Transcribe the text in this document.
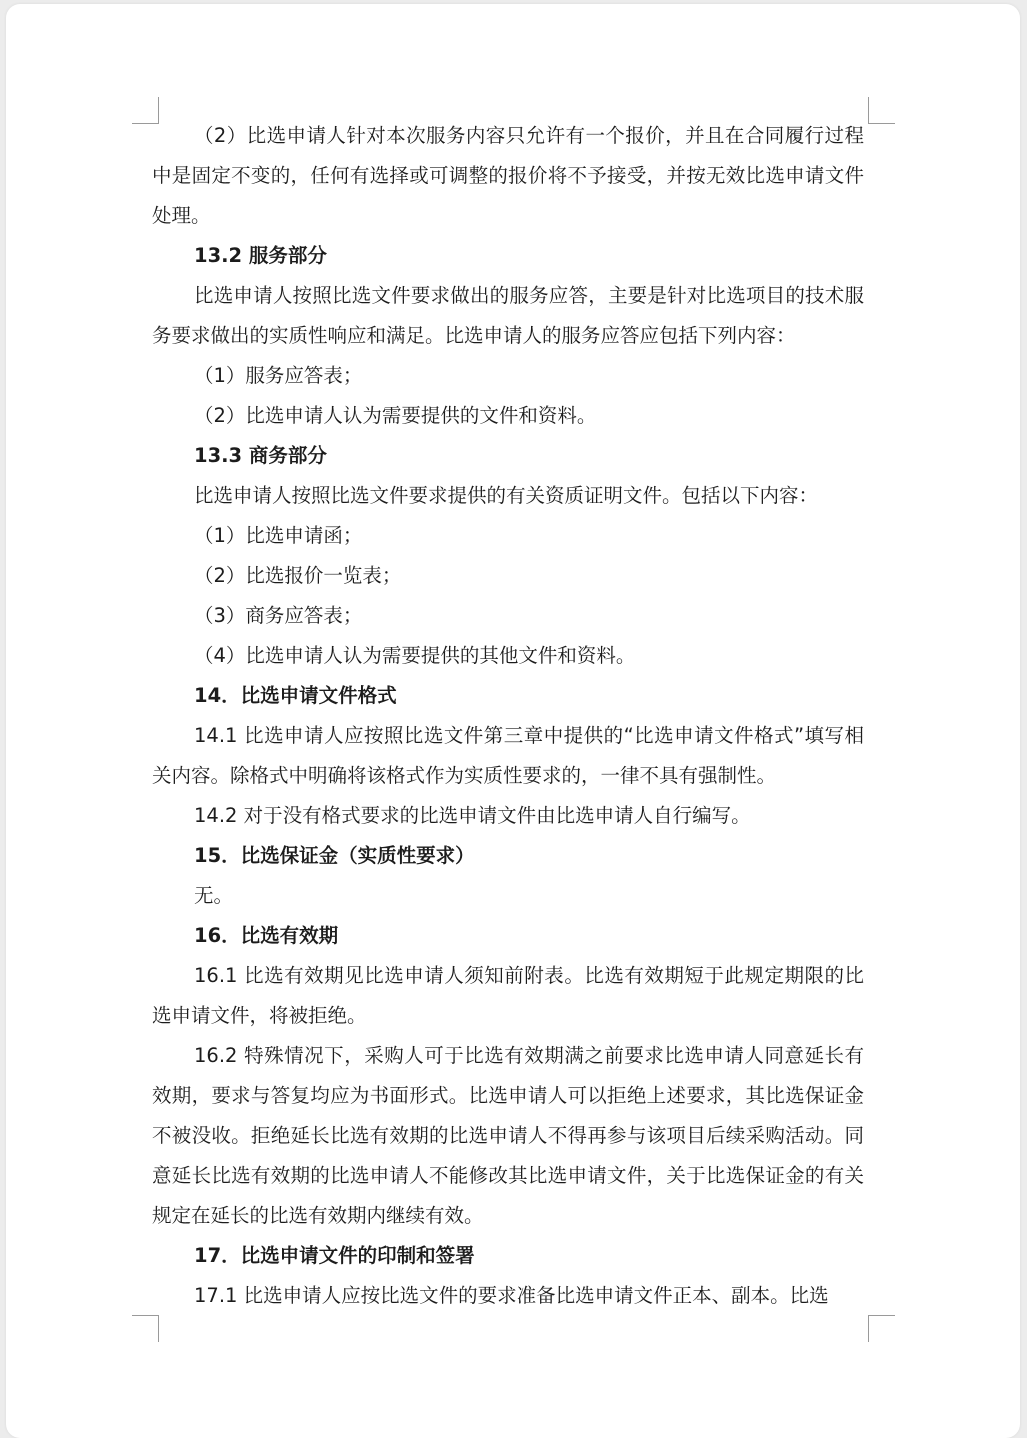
（2）比选申请人针对本次服务内容只允许有一个报价，并且在合同履行过程中是固定不变的，任何有选择或可调整的报价将不予接受，并按无效比选申请文件处理。

13.2 服务部分

比选申请人按照比选文件要求做出的服务应答，主要是针对比选项目的技术服务要求做出的实质性响应和满足。比选申请人的服务应答应包括下列内容：

（1）服务应答表；

（2）比选申请人认为需要提供的文件和资料。

13.3 商务部分

比选申请人按照比选文件要求提供的有关资质证明文件。包括以下内容：

（1）比选申请函；

（2）比选报价一览表；

（3）商务应答表；

（4）比选申请人认为需要提供的其他文件和资料。

14．比选申请文件格式

14.1 比选申请人应按照比选文件第三章中提供的“比选申请文件格式”填写相关内容。除格式中明确将该格式作为实质性要求的，一律不具有强制性。

14.2 对于没有格式要求的比选申请文件由比选申请人自行编写。

15．比选保证金（实质性要求）

无。

16．比选有效期

16.1 比选有效期见比选申请人须知前附表。比选有效期短于此规定期限的比选申请文件，将被拒绝。

16.2 特殊情况下，采购人可于比选有效期满之前要求比选申请人同意延长有效期，要求与答复均应为书面形式。比选申请人可以拒绝上述要求，其比选保证金不被没收。拒绝延长比选有效期的比选申请人不得再参与该项目后续采购活动。同意延长比选有效期的比选申请人不能修改其比选申请文件，关于比选保证金的有关规定在延长的比选有效期内继续有效。

17．比选申请文件的印制和签署

17.1 比选申请人应按比选文件的要求准备比选申请文件正本、副本。比选
